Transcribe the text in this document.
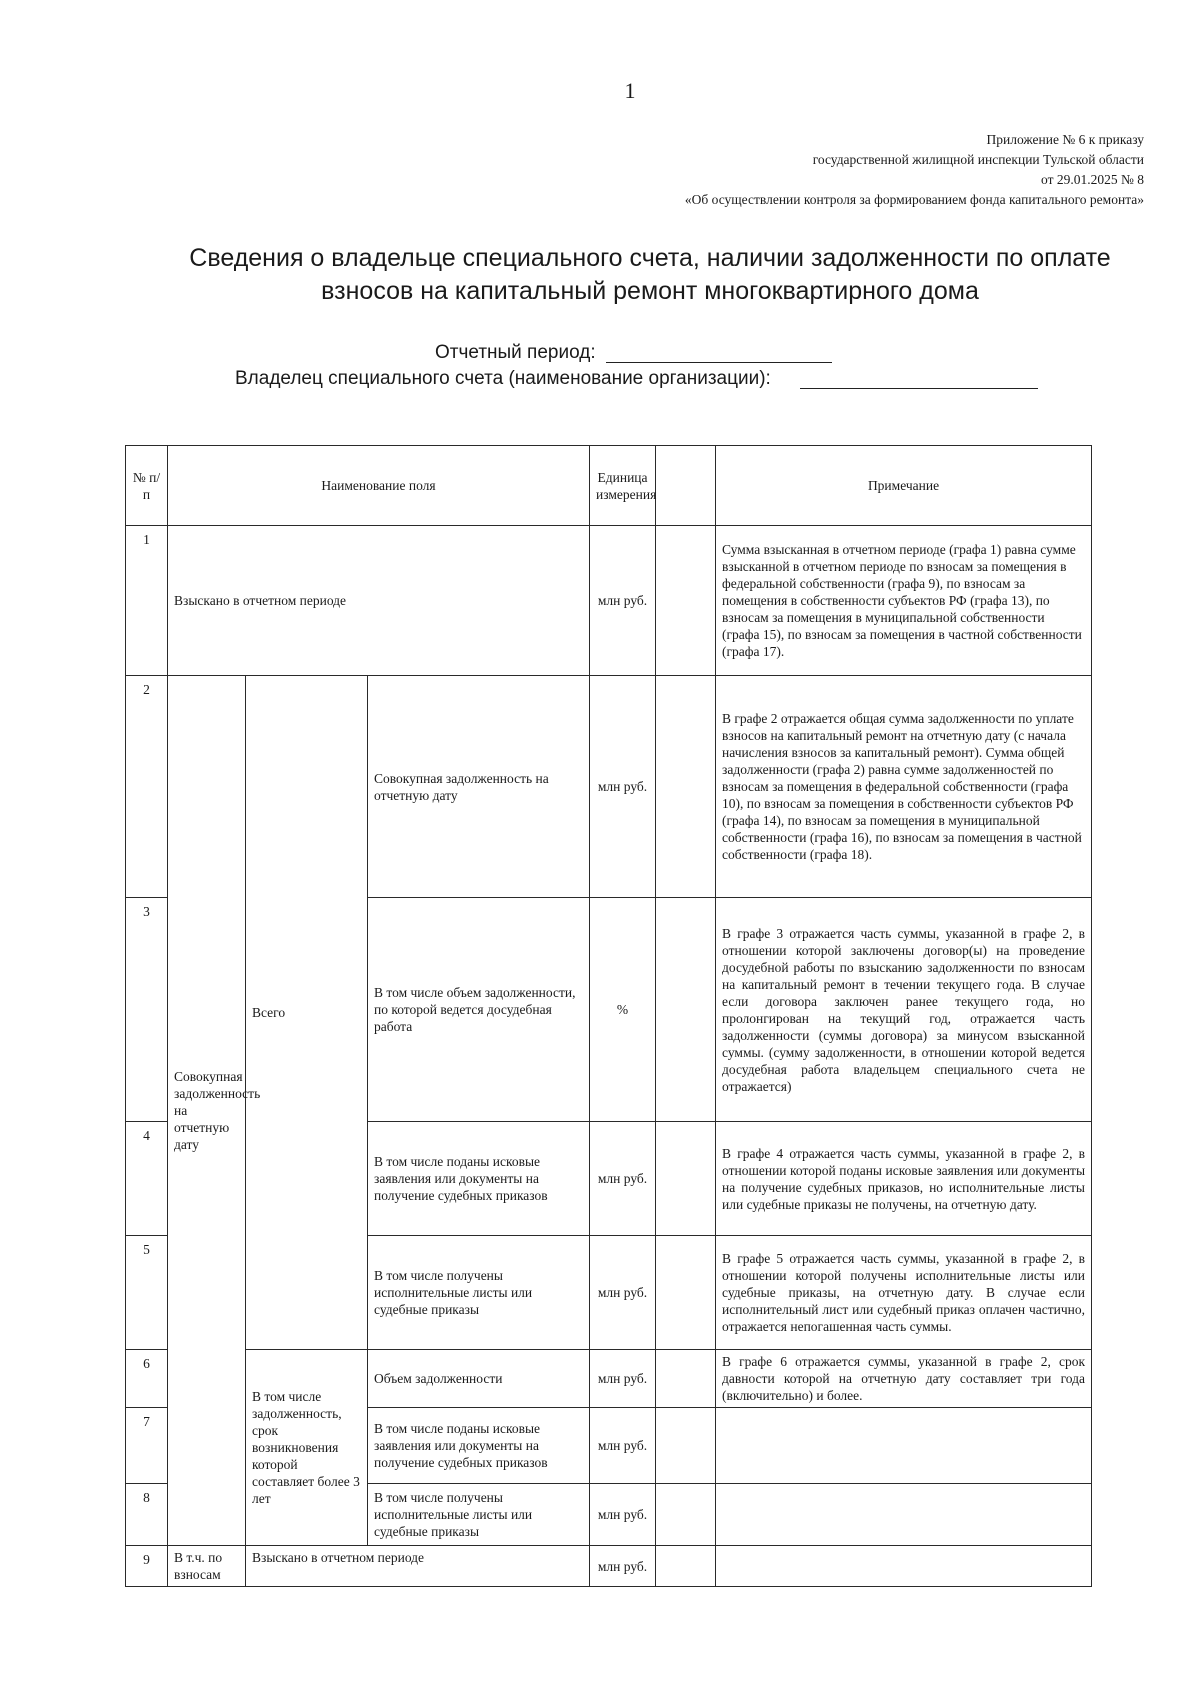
1
Приложение № 6 к приказу
государственной жилищной инспекции Тульской области
от 29.01.2025 № 8
«Об осуществлении контроля за формированием фонда капитального ремонта»
Сведения о владельце специального счета, наличии задолженности по оплате
взносов на капитальный ремонт многоквартирного дома
Отчетный период:
Владелец специального счета (наименование организации):
№ п/п	Наименование поля			Единица измерения		Примечание
1	Взыскано в отчетном периоде			млн руб.		Сумма взысканная в отчетном периоде (графа 1) равна сумме взысканной в отчетном периоде по взносам за помещения в федеральной собственности (графа 9), по взносам за помещения в собственности субъектов РФ (графа 13), по взносам за помещения в муниципальной собственности (графа 15), по взносам за помещения в частной собственности (графа 17).
2	Совокупная задолженность на отчетную дату	Всего	Совокупная задолженность на отчетную дату	млн руб.		В графе 2 отражается общая сумма задолженности по уплате взносов на капитальный ремонт на отчетную дату (с начала начисления взносов за капитальный ремонт). Сумма общей задолженности (графа 2) равна сумме задолженностей по взносам за помещения в федеральной собственности (графа 10), по взносам за помещения в собственности субъектов РФ (графа 14), по взносам за помещения в муниципальной собственности (графа 16), по взносам за помещения в частной собственности (графа 18).
3			В том числе объем задолженности, по которой ведется досудебная работа	%		В графе 3 отражается часть суммы, указанной в графе 2, в отношении которой заключены договор(ы) на проведение досудебной работы по взысканию задолженности по взносам на капитальный ремонт в течении текущего года. В случае если договора заключен ранее текущего года, но пролонгирован на текущий год, отражается часть задолженности (суммы договора) за минусом взысканной суммы. (сумму задолженности, в отношении которой ведется досудебная работа владельцем специального счета не отражается)
4			В том числе поданы исковые заявления или документы на получение судебных приказов	млн руб.		В графе 4 отражается часть суммы, указанной в графе 2, в отношении которой поданы исковые заявления или документы на получение судебных приказов, но исполнительные листы или судебные приказы не получены, на отчетную дату.
5			В том числе получены исполнительные листы или судебные приказы	млн руб.		В графе 5 отражается часть суммы, указанной в графе 2, в отношении которой получены исполнительные листы или судебные приказы, на отчетную дату. В случае если исполнительный лист или судебный приказ оплачен частично, отражается непогашенная часть суммы.
6		В том числе задолженность, срок возникновения которой составляет более 3 лет	Объем задолженности	млн руб.		В графе 6 отражается суммы, указанной в графе 2, срок давности которой на отчетную дату составляет три года (включительно) и более.
7			В том числе поданы исковые заявления или документы на получение судебных приказов	млн руб.		
8			В том числе получены исполнительные листы или судебные приказы	млн руб.		
9	В т.ч. по взносам	Взыскано в отчетном периоде		млн руб.		
